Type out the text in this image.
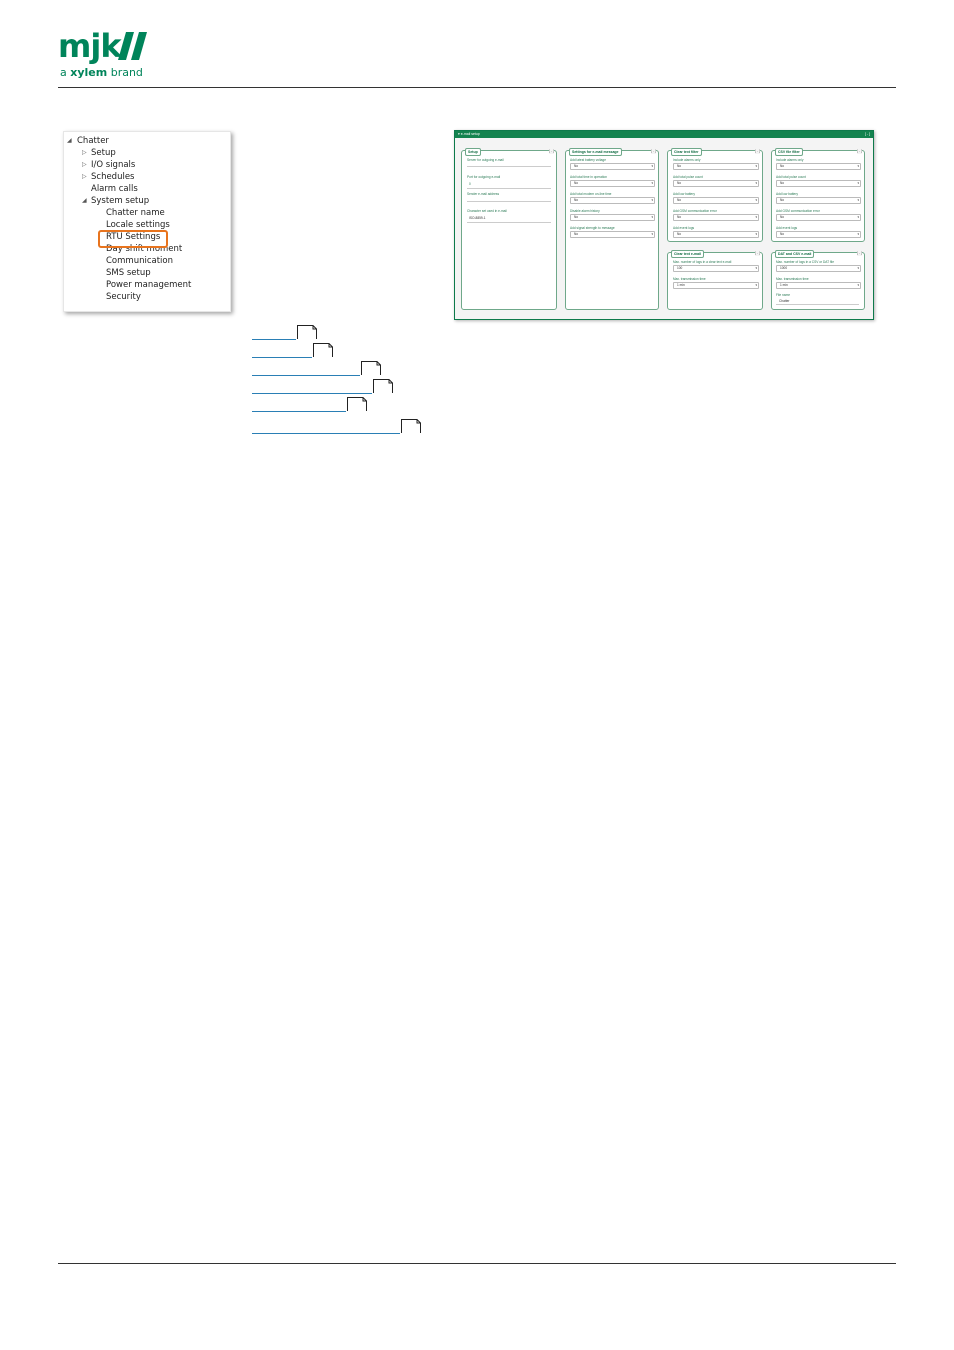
mjk
a xylem brand
◢ Chatter
▷ Setup
▷ I/O signals
▷ Schedules
Alarm calls
◢ System setup
Chatter name
Locale settings
RTU Settings
Day shift moment
Communication
SMS setup
Power management
Security
▾ e-mail setup	[ - ]
Setup	[ - ]
Server for outgoing e-mail
Port for outgoing e-mail
0
Sender e-mail address
Character set used in e-mail
ISO-8859-1
Settings for e-mail message	[ - ]
Add latest battery voltage
No	▾
Add total time in operation
No	▾
Add total modem on-line time
No	▾
Disable alarm history
No	▾
Add signal strength to message
No	▾
Clear text filter	[ - ]
Include alarms only
No	▾
Add total pulse count
No	▾
Add low battery
No	▾
Add GSM communication error
No	▾
Add event logs
No	▾
CSV file filter	[ - ]
Include alarms only
No	▾
Add total pulse count
No	▾
Add low battery
No	▾
Add GSM communication error
No	▾
Add event logs
No	▾
Clear text e-mail	[ - ]
Max. number of logs in a clear text e-mail
100	▾
Max. transmission time
1 min	▾
DAT and CSV e-mail	[ - ]
Max. number of logs in a CSV or DAT file
1000	▾
Max. transmission time
1 min	▾
File name
Chatter
